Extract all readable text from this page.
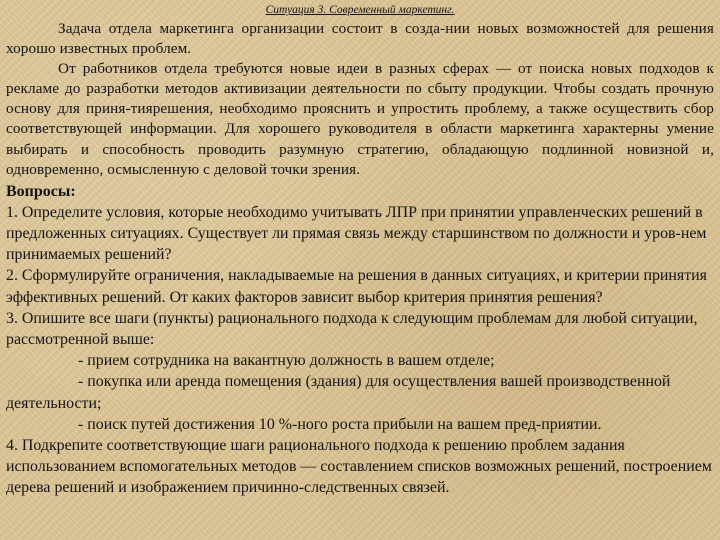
Ситуация 3. Современный маркетинг.

Задача отдела маркетинга организации состоит в созда-нии новых возможностей для решения хорошо известных проблем.

От работников отдела требуются новые идеи в разных сферах — от поиска новых подходов к рекламе до разработки методов активизации деятельности по сбыту продукции. Чтобы создать прочную основу для приня-тиярешения, необходимо прояснить и упростить проблему, а также осуществить сбор соответствующей информации. Для хорошего руководителя в области маркетинга характерны умение выбирать и способность проводить разумную стратегию, обладающую подлинной новизной и, одновременно, осмысленную с деловой точки зрения.

Вопросы:

1. Определите условия, которые необходимо учитывать ЛПР при принятии управленческих решений в предложенных ситуациях. Существует ли прямая связь между старшинством по должности и уров-нем принимаемых решений?

2. Сформулируйте ограничения, накладываемые на решения в данных ситуациях, и критерии принятия эффективных решений. От каких факторов зависит выбор критерия принятия решения?

3. Опишите все шаги (пункты) рационального подхода к следующим проблемам для любой ситуации, рассмотренной выше:

- прием сотрудника на вакантную должность в вашем отделе;

- покупка или аренда помещения (здания) для осуществления вашей производственной деятельности;

- поиск путей достижения 10 %-ного роста прибыли на вашем пред-приятии.

4. Подкрепите соответствующие шаги рационального подхода к решению проблем задания использованием вспомогательных методов — составлением списков возможных решений, построением дерева решений и изображением причинно-следственных связей.
